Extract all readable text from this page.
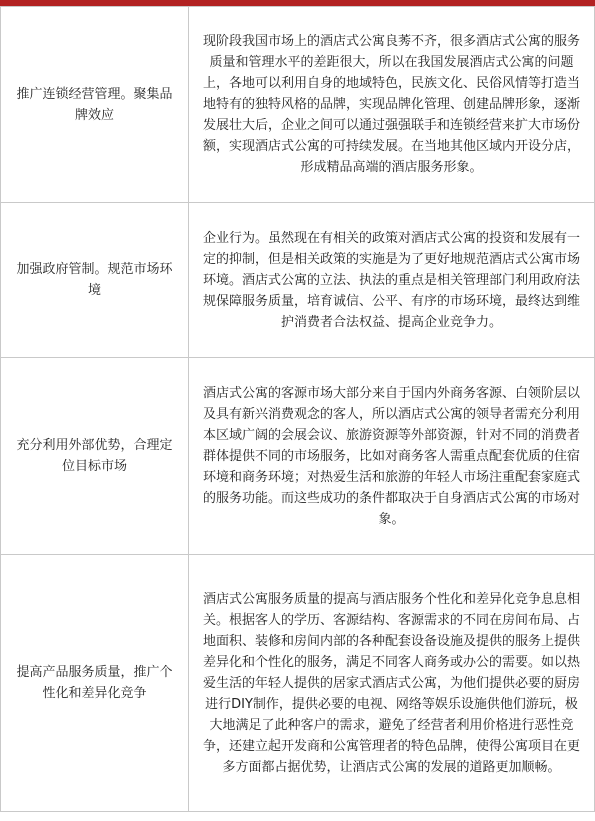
推广连锁经营管理。聚集品牌效应	现阶段我国市场上的酒店式公寓良莠不齐，很多酒店式公寓的服务质量和管理水平的差距很大，所以在我国发展酒店式公寓的问题上，各地可以利用自身的地域特色，民族文化、民俗风情等打造当地特有的独特风格的品牌，实现品牌化管理、创建品牌形象，逐渐发展壮大后，企业之间可以通过强强联手和连锁经营来扩大市场份额，实现酒店式公寓的可持续发展。在当地其他区域内开设分店，形成精品高端的酒店服务形象。
加强政府管制。规范市场环境	企业行为。虽然现在有相关的政策对酒店式公寓的投资和发展有一定的抑制，但是相关政策的实施是为了更好地规范酒店式公寓市场环境。酒店式公寓的立法、执法的重点是相关管理部门利用政府法规保障服务质量，培育诚信、公平、有序的市场环境，最终达到维护消费者合法权益、提高企业竞争力。
充分利用外部优势，合理定位目标市场	酒店式公寓的客源市场大部分来自于国内外商务客源、白领阶层以及具有新兴消费观念的客人，所以酒店式公寓的领导者需充分利用本区域广阔的会展会议、旅游资源等外部资源，针对不同的消费者群体提供不同的市场服务，比如对商务客人需重点配套优质的住宿环境和商务环境；对热爱生活和旅游的年轻人市场注重配套家庭式的服务功能。而这些成功的条件都取决于自身酒店式公寓的市场对象。
提高产品服务质量，推广个性化和差异化竞争	酒店式公寓服务质量的提高与酒店服务个性化和差异化竞争息息相关。根据客人的学历、客源结构、客源需求的不同在房间布局、占地面积、装修和房间内部的各种配套设备设施及提供的服务上提供差异化和个性化的服务，满足不同客人商务或办公的需要。如以热爱生活的年轻人提供的居家式酒店式公寓，为他们提供必要的厨房进行DIY制作，提供必要的电视、网络等娱乐设施供他们游玩，极大地满足了此种客户的需求，避免了经营者利用价格进行恶性竞争，还建立起开发商和公寓管理者的特色品牌，使得公寓项目在更多方面都占据优势，让酒店式公寓的发展的道路更加顺畅。
